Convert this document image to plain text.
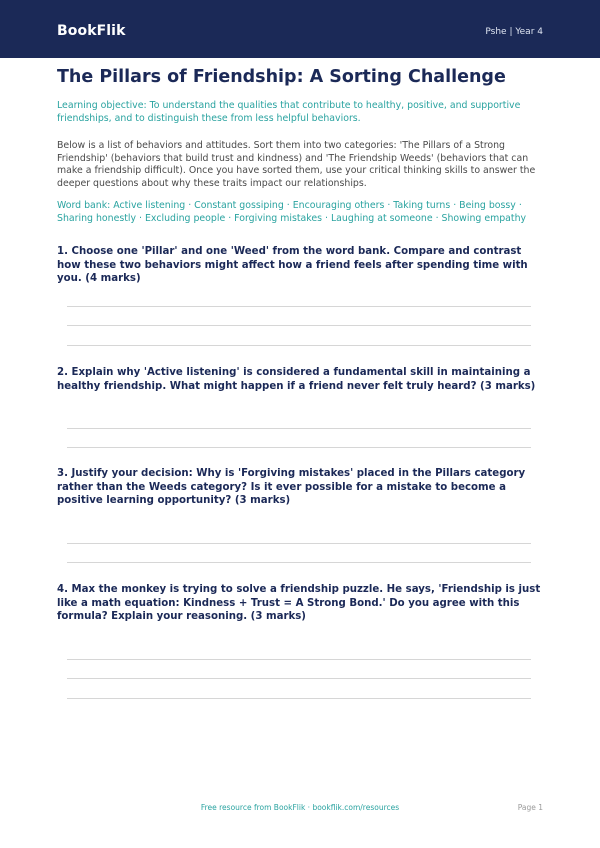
BookFlik	Pshe | Year 4
The Pillars of Friendship: A Sorting Challenge
Learning objective: To understand the qualities that contribute to healthy, positive, and supportive friendships, and to distinguish these from less helpful behaviors.
Below is a list of behaviors and attitudes. Sort them into two categories: 'The Pillars of a Strong Friendship' (behaviors that build trust and kindness) and 'The Friendship Weeds' (behaviors that can make a friendship difficult). Once you have sorted them, use your critical thinking skills to answer the deeper questions about why these traits impact our relationships.
Word bank: Active listening · Constant gossiping · Encouraging others · Taking turns · Being bossy · Sharing honestly · Excluding people · Forgiving mistakes · Laughing at someone · Showing empathy
1. Choose one 'Pillar' and one 'Weed' from the word bank. Compare and contrast how these two behaviors might affect how a friend feels after spending time with you. (4 marks)
2. Explain why 'Active listening' is considered a fundamental skill in maintaining a healthy friendship. What might happen if a friend never felt truly heard? (3 marks)
3. Justify your decision: Why is 'Forgiving mistakes' placed in the Pillars category rather than the Weeds category? Is it ever possible for a mistake to become a positive learning opportunity? (3 marks)
4. Max the monkey is trying to solve a friendship puzzle. He says, 'Friendship is just like a math equation: Kindness + Trust = A Strong Bond.' Do you agree with this formula? Explain your reasoning. (3 marks)
Free resource from BookFlik · bookflik.com/resources	Page 1
